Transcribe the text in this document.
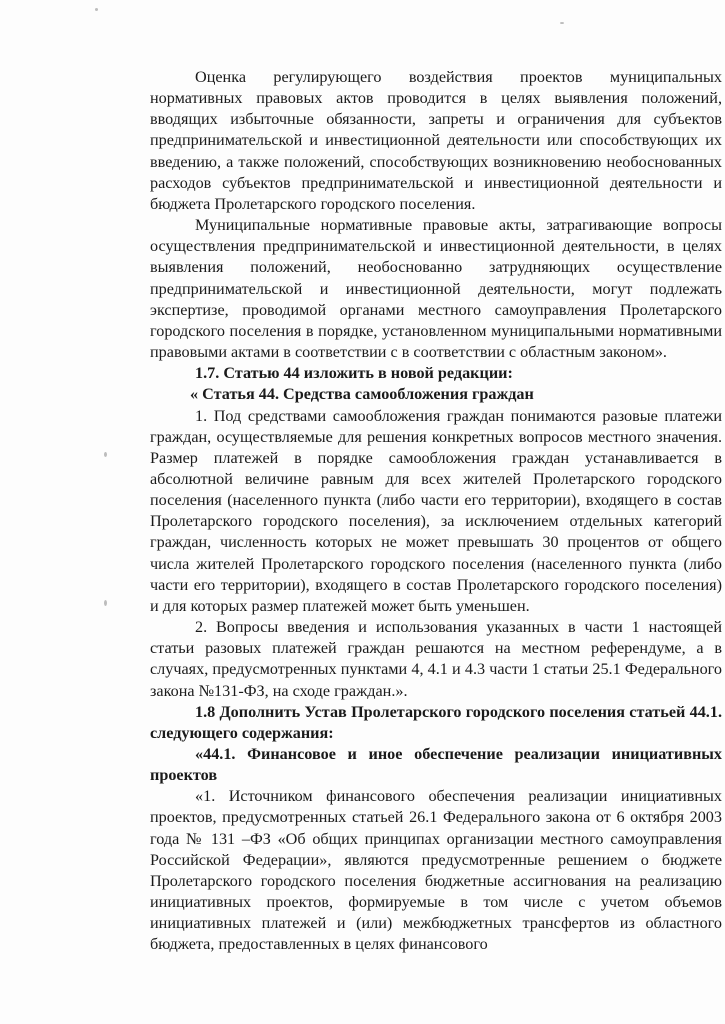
Оценка регулирующего воздействия проектов муниципальных нормативных правовых актов проводится в целях выявления положений, вводящих избыточные обязанности, запреты и ограничения для субъектов предпринимательской и инвестиционной деятельности или способствующих их введению, а также положений, способствующих возникновению необоснованных расходов субъектов предпринимательской и инвестиционной деятельности и бюджета Пролетарского городского поселения.

Муниципальные нормативные правовые акты, затрагивающие вопросы осуществления предпринимательской и инвестиционной деятельности, в целях выявления положений, необоснованно затрудняющих осуществление предпринимательской и инвестиционной деятельности, могут подлежать экспертизе, проводимой органами местного самоуправления Пролетарского городского поселения в порядке, установленном муниципальными нормативными правовыми актами в соответствии с в соответствии с областным законом».

1.7. Статью 44 изложить в новой редакции:

« Статья 44. Средства самообложения граждан

1. Под средствами самообложения граждан понимаются разовые платежи граждан, осуществляемые для решения конкретных вопросов местного значения. Размер платежей в порядке самообложения граждан устанавливается в абсолютной величине равным для всех жителей Пролетарского городского поселения (населенного пункта (либо части его территории), входящего в состав Пролетарского городского поселения), за исключением отдельных категорий граждан, численность которых не может превышать 30 процентов от общего числа жителей Пролетарского городского поселения (населенного пункта (либо части его территории), входящего в состав Пролетарского городского поселения) и для которых размер платежей может быть уменьшен.

2. Вопросы введения и использования указанных в части 1 настоящей статьи разовых платежей граждан решаются на местном референдуме, а в случаях, предусмотренных пунктами 4, 4.1 и 4.3 части 1 статьи 25.1 Федерального закона №131-ФЗ, на сходе граждан.».

1.8 Дополнить Устав Пролетарского городского поселения статьей 44.1. следующего содержания:

«44.1. Финансовое и иное обеспечение реализации инициативных проектов

«1. Источником финансового обеспечения реализации инициативных проектов, предусмотренных статьей 26.1 Федерального закона от 6 октября 2003 года № 131 –ФЗ «Об общих принципах организации местного самоуправления Российской Федерации», являются предусмотренные решением о бюджете Пролетарского городского поселения бюджетные ассигнования на реализацию инициативных проектов, формируемые в том числе с учетом объемов инициативных платежей и (или) межбюджетных трансфертов из областного бюджета, предоставленных в целях финансового
